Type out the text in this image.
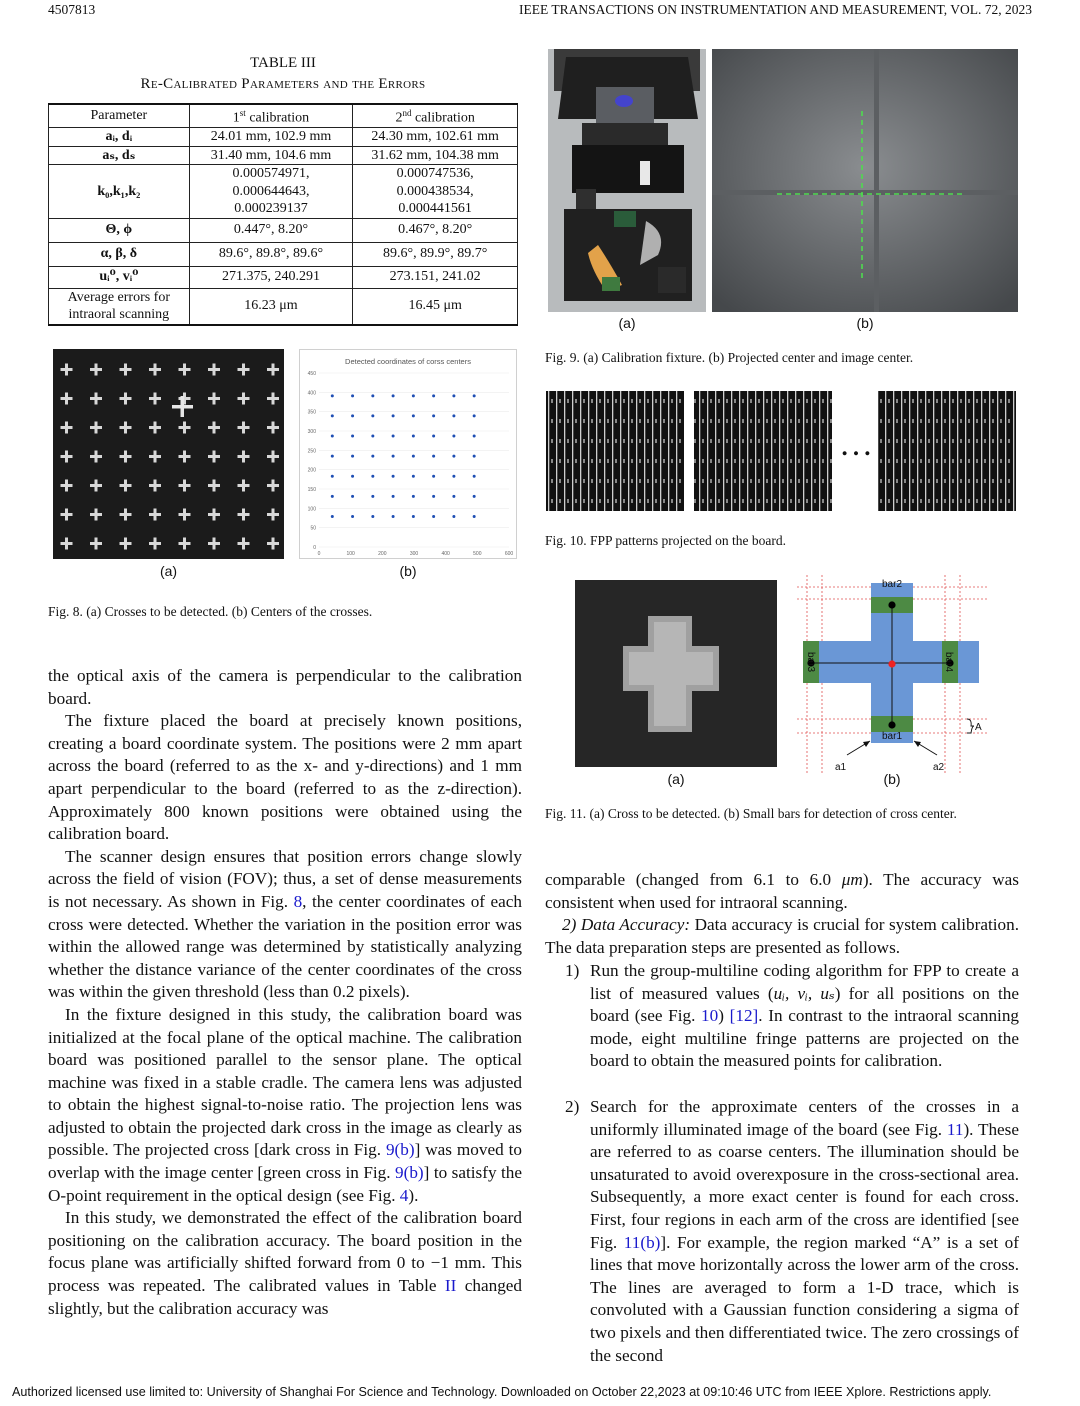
4507813	IEEE TRANSACTIONS ON INSTRUMENTATION AND MEASUREMENT, VOL. 72, 2023
TABLE III
Re-Calibrated Parameters and the Errors
Parameter	1st calibration	2nd calibration
aᵢ, dᵢ	24.01 mm, 102.9 mm	24.30 mm, 102.61 mm
aₛ, dₛ	31.40 mm, 104.6 mm	31.62 mm, 104.38 mm
k₀,k₁,k₂	0.000574971,
0.000644643,
0.000239137	0.000747536,
0.000438534,
0.000441561
Θ, ϕ	0.447°, 8.20°	0.467°, 8.20°
α, β, δ	89.6°, 89.8°, 89.6°	89.6°, 89.9°, 89.7°
uᵢ⁰, vᵢ⁰	271.375, 240.291	273.151, 241.02
Average errors for
intraoral scanning	16.23 μm	16.45 μm
(a)
Detected coordinates of corss centers
0
50
100
150
200
250
300
350
400
450
0	100	200	300	400	500	600
(b)
Fig. 8. (a) Crosses to be detected. (b) Centers of the crosses.
(a)	(b)
Fig. 9. (a) Calibration fixture. (b) Projected center and image center.
…
Fig. 10. FPP patterns projected on the board.
(a)
bar2
bar1
bar3	bar4
A
a1	a2
(b)
Fig. 11. (a) Cross to be detected. (b) Small bars for detection of cross center.
the optical axis of the camera is perpendicular to the calibration board.
The fixture placed the board at precisely known positions, creating a board coordinate system. The positions were 2 mm apart across the board (referred to as the x- and y-directions) and 1 mm apart perpendicular to the board (referred to as the z-direction). Approximately 800 known positions were obtained using the calibration board.
The scanner design ensures that position errors change slowly across the field of vision (FOV); thus, a set of dense measurements is not necessary. As shown in Fig. 8, the center coordinates of each cross were detected. Whether the variation in the position error was within the allowed range was determined by statistically analyzing whether the distance variance of the center coordinates of the cross was within the given threshold (less than 0.2 pixels).
In the fixture designed in this study, the calibration board was initialized at the focal plane of the optical machine. The calibration board was positioned parallel to the sensor plane. The optical machine was fixed in a stable cradle. The camera lens was adjusted to obtain the highest signal-to-noise ratio. The projection lens was adjusted to obtain the projected dark cross in the image as clearly as possible. The projected cross [dark cross in Fig. 9(b)] was moved to overlap with the image center [green cross in Fig. 9(b)] to satisfy the O-point requirement in the optical design (see Fig. 4).
In this study, we demonstrated the effect of the calibration board positioning on the calibration accuracy. The board position in the focus plane was artificially shifted forward from 0 to −1 mm. This process was repeated. The calibrated values in Table II changed slightly, but the calibration accuracy was
comparable (changed from 6.1 to 6.0 μm). The accuracy was consistent when used for intraoral scanning.
2) Data Accuracy: Data accuracy is crucial for system calibration. The data preparation steps are presented as follows.
1) Run the group-multiline coding algorithm for FPP to create a list of measured values (uᵢ, vᵢ, uₛ) for all positions on the board (see Fig. 10) [12]. In contrast to the intraoral scanning mode, eight multiline fringe patterns are projected on the board to obtain the measured points for calibration.
2) Search for the approximate centers of the crosses in a uniformly illuminated image of the board (see Fig. 11). These are referred to as coarse centers. The illumination should be unsaturated to avoid overexposure in the cross-sectional area. Subsequently, a more exact center is found for each cross. First, four regions in each arm of the cross are identified [see Fig. 11(b)]. For example, the region marked “A” is a set of lines that move horizontally across the lower arm of the cross. The lines are averaged to form a 1-D trace, which is convoluted with a Gaussian function considering a sigma of two pixels and then differentiated twice. The zero crossings of the second
Authorized licensed use limited to: University of Shanghai For Science and Technology. Downloaded on October 22,2023 at 09:10:46 UTC from IEEE Xplore. Restrictions apply.
